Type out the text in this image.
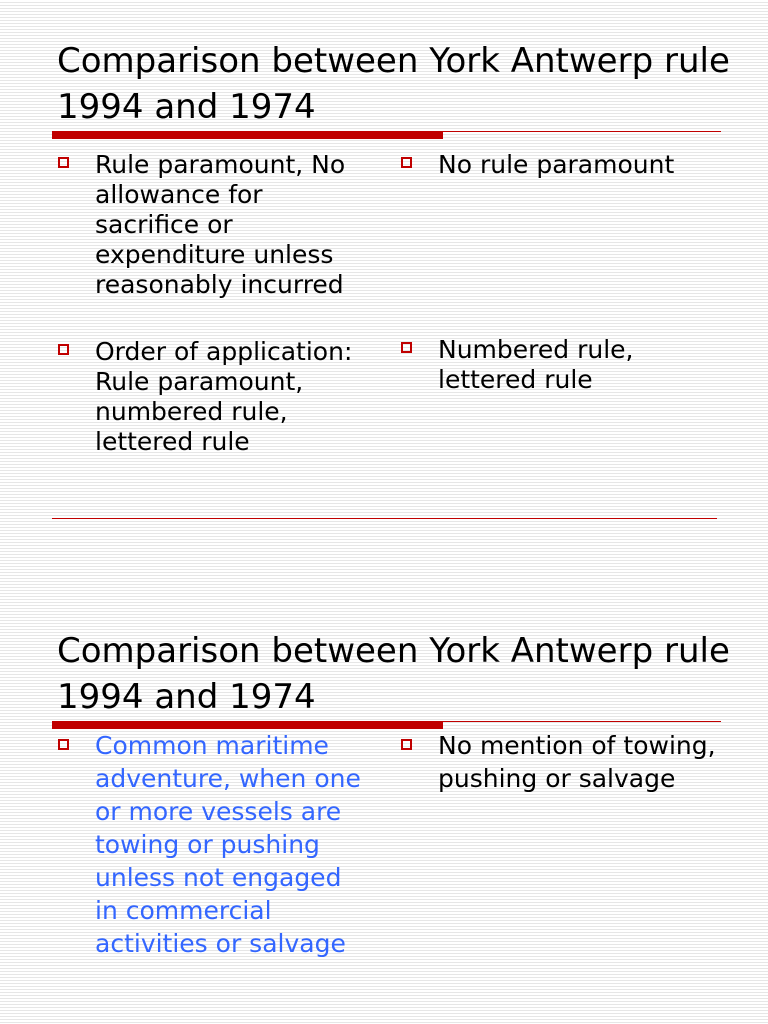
Comparison between York Antwerp rule 1994 and 1974

Rule paramount, No allowance for sacrifice or expenditure unless reasonably incurred

Order of application: Rule paramount, numbered rule, lettered rule

No rule paramount

Numbered rule, lettered rule

Comparison between York Antwerp rule 1994 and 1974

Common maritime adventure, when one or more vessels are towing or pushing unless not engaged in commercial activities or salvage

No mention of towing, pushing or salvage
